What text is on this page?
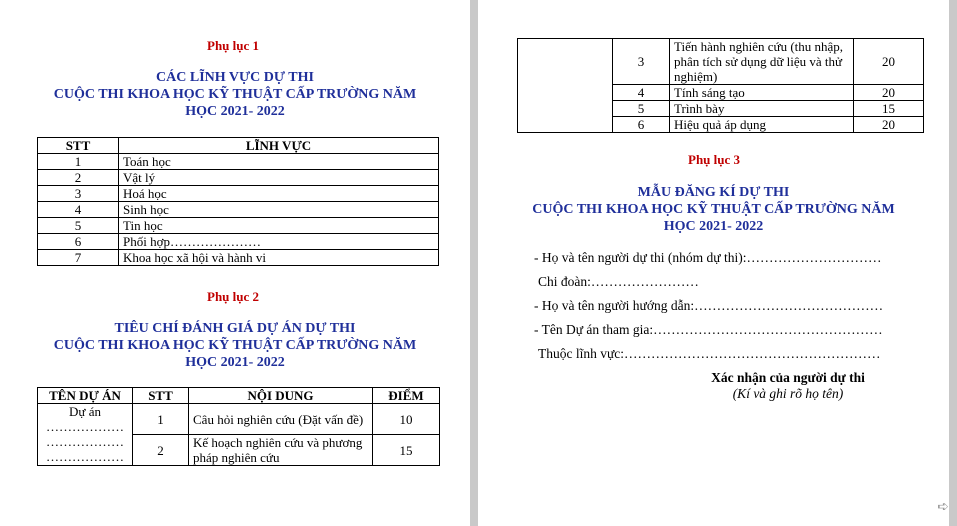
Phụ lục 1
CÁC LĨNH VỰC DỰ THI
CUỘC THI KHOA HỌC KỸ THUẬT CẤP TRƯỜNG NĂM
HỌC 2021- 2022
STT	LĨNH VỰC
1	Toán học
2	Vật lý
3	Hoá học
4	Sinh học
5	Tin học
6	Phối hợp…………………
7	Khoa học xã hội và hành vi
Phụ lục 2
TIÊU CHÍ ĐÁNH GIÁ DỰ ÁN DỰ THI
CUỘC THI KHOA HỌC KỸ THUẬT CẤP TRƯỜNG NĂM
HỌC 2021- 2022
TÊN DỰ ÁN	STT	NỘI DUNG	ĐIỂM

Dự án
………………
………………
………………	1	Câu hỏi nghiên cứu (Đặt vấn đề)	10
	2	Kế hoạch nghiên cứu và phương pháp nghiên cứu	15
	3	Tiến hành nghiên cứu (thu nhập, phân tích sử dụng dữ liệu và thử nghiệm)	20
	4	Tính sáng tạo	20
	5	Trình bày	15
	6	Hiệu quả áp dụng	20
Phụ lục 3
MẪU ĐĂNG KÍ DỰ THI
CUỘC THI KHOA HỌC KỸ THUẬT CẤP TRƯỜNG NĂM
HỌC 2021- 2022
- Họ và tên người dự thi (nhóm dự thi):…………………………
Chi đoàn:……………………
- Họ và tên người hướng dẫn:……………………………………
- Tên Dự án tham gia:……………………………………………
Thuộc lĩnh vực:…………………………………………………
Xác nhận của người dự thi
(Kí và ghi rõ họ tên)
➪
